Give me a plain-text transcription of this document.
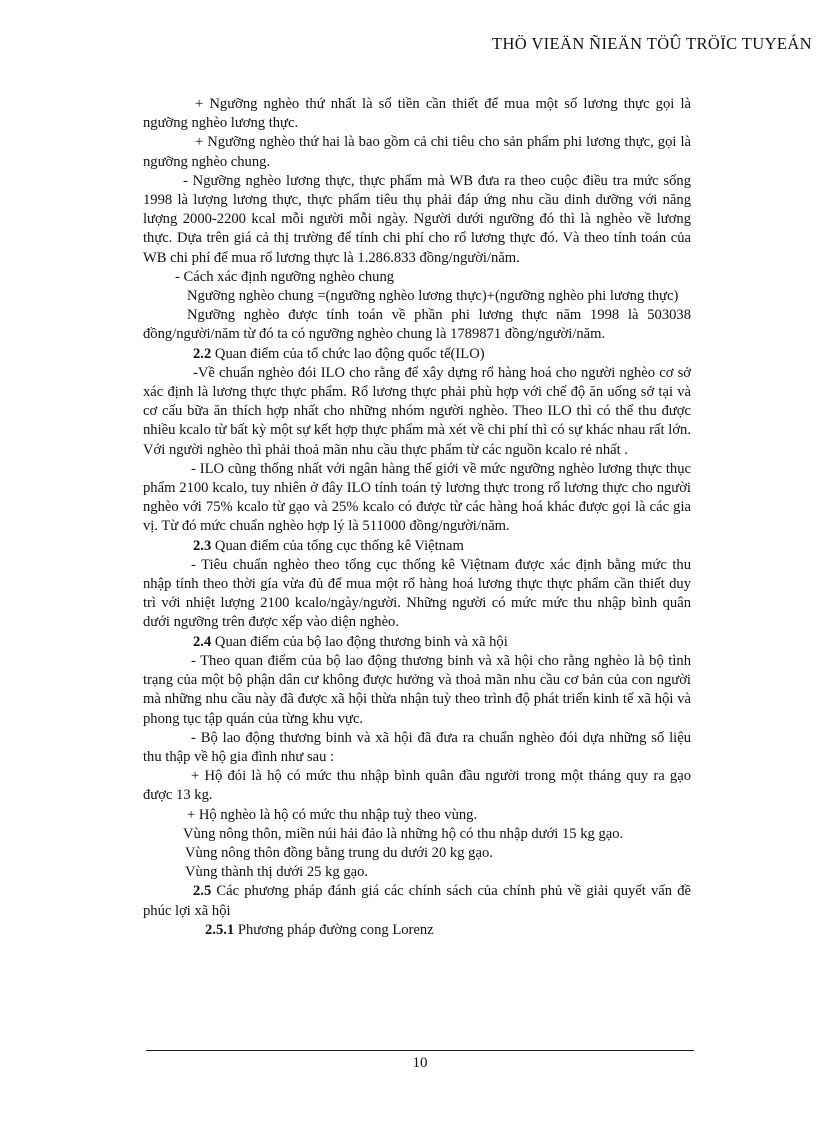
THÖ VIEÄN ÑIEÄN TÖÛ TRÖÏC TUYEÁN

+ Ngưỡng nghèo thứ nhất là số tiền cần thiết để mua một số lương thực gọi là ngưỡng nghèo lương thực.

+ Ngưỡng nghèo thứ hai là bao gồm cả chi tiêu cho sản phẩm phi lương thực, gọi là ngưỡng nghèo chung.

- Ngưỡng nghèo lương thực, thực phẩm mà WB đưa ra theo cuộc điều tra mức sống 1998 là lượng lương thực, thực phẩm tiêu thụ phải đáp ứng nhu cầu dinh dưỡng với năng lượng 2000-2200 kcal mỗi người mỗi ngày. Người dưới ngưỡng đó thì là nghèo về lương thực. Dựa trên giá cả thị trường để tính chi phí cho rổ lương thực đó. Và theo tính toán của WB chi phí để mua rổ lương thực là 1.286.833 đồng/người/năm.

- Cách xác định ngưỡng nghèo chung

Ngưỡng nghèo chung =(ngưỡng nghèo lương thực)+(ngưỡng nghèo phi lương thực)

Ngưỡng nghèo được tính toán về phần phi lương thực năm 1998 là 503038 đồng/người/năm từ đó ta có ngưỡng nghèo chung là 1789871 đồng/người/năm.

2.2 Quan điểm của tổ chức lao động quốc tế(ILO)

-Về chuẩn nghèo đói ILO cho rằng để xây dựng rổ hàng hoá cho người nghèo cơ sở xác định là lương thực thực phẩm. Rổ lương thực phải phù hợp với chế độ ăn uống sở tại và cơ cấu bữa ăn thích hợp nhất cho những nhóm người nghèo. Theo ILO thì có thể thu được nhiều kcalo từ bất kỳ một sự kết hợp thực phẩm mà xét về chi phí thì có sự khác nhau rất lớn. Với người nghèo thì phải thoả mãn nhu cầu thực phẩm từ các nguồn kcalo rẻ nhất .

- ILO cũng thống nhất với ngân hàng thế giới về mức ngưỡng nghèo lương thực thục phẩm 2100 kcalo, tuy nhiên ở đây ILO tính toán tỷ lương thực trong rổ lương thực cho người nghèo với 75% kcalo từ gạo và 25% kcalo có được từ các hàng hoá khác được gọi là các gia vị. Từ đó mức chuẩn nghèo hợp lý là 511000 đồng/người/năm.

2.3 Quan điểm của tổng cục thống kê Việtnam

- Tiêu chuẩn nghèo theo tổng cục thống kê Việtnam được xác định bằng mức thu nhập tính theo thời gía vừa đủ để mua một rổ hàng hoá lương thực thực phẩm cần thiết duy trì với nhiệt lượng 2100 kcalo/ngày/người. Những người có mức mức thu nhập bình quân dưới ngưỡng trên được xếp vào diện nghèo.

2.4 Quan điểm của bộ lao động thương binh và xã hội

- Theo quan điểm của bộ lao động thương binh và xã hội cho rằng nghèo là bộ tình trạng của một bộ phận dân cư không được hưởng và thoả mãn nhu cầu cơ bản của con người mà những nhu cầu này đã được xã hội thừa nhận tuỳ theo trình độ phát triển kinh tế xã hội và phong tục tập quán của từng khu vực.

- Bộ lao động thương binh và xã hội đã đưa ra chuẩn nghèo đói dựa những số liệu thu thập về hộ gia đình như sau :

+ Hộ đói là hộ có mức thu nhập bình quân đầu người trong một tháng quy ra gạo được 13 kg.

+ Hộ nghèo là hộ có mức thu nhập tuỳ theo vùng.

Vùng nông thôn, miền núi hải đảo là những hộ có thu nhập dưới 15 kg gạo.

Vùng nông thôn đồng bằng trung du dưới 20 kg gạo.

Vùng thành thị dưới 25 kg gạo.

2.5 Các phương pháp đánh giá các chính sách của chính phủ về giải quyết vấn đề phúc lợi xã hội

2.5.1 Phương pháp đường cong Lorenz

10
